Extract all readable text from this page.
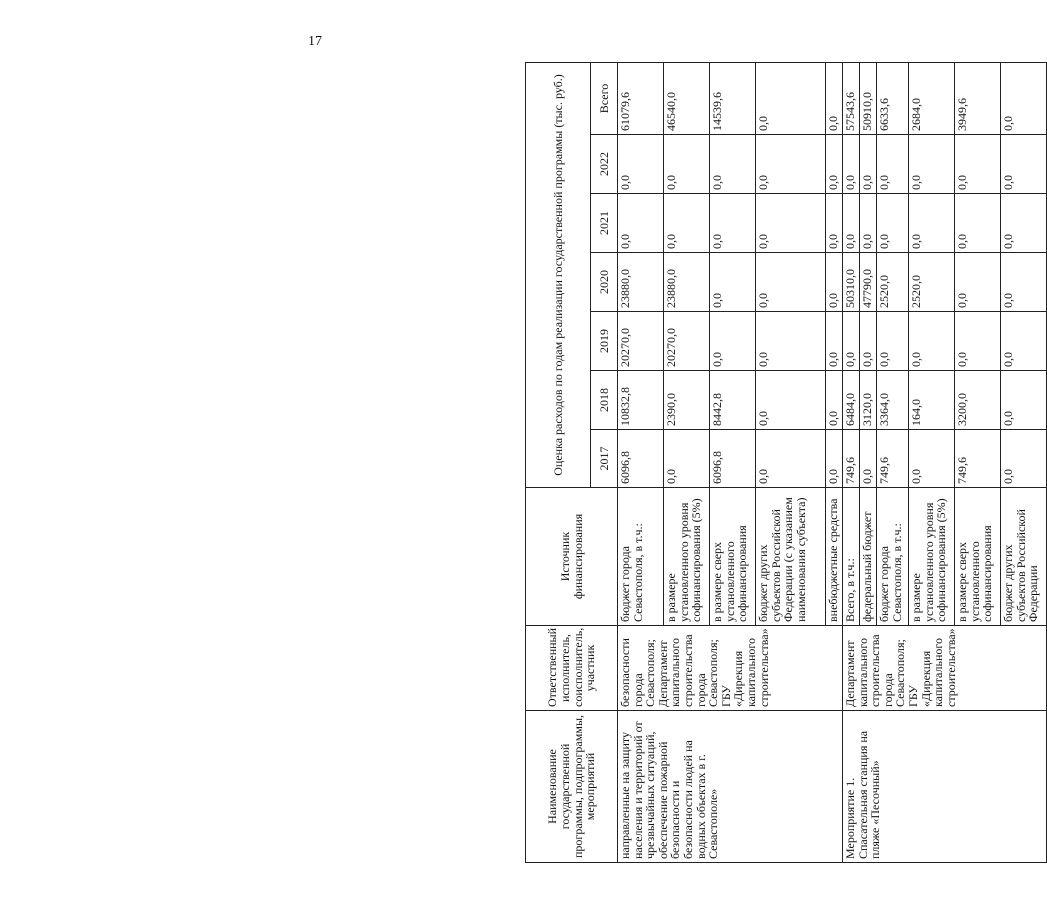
17
Наименование государственной программы, подпрограммы, мероприятий	Ответственный исполнитель, соисполнитель, участник	Источник финансирования	Оценка расходов по годам реализации государственной программы (тыс. руб.)						
			2017	2018	2019	2020	2021	2022	Всего
направленные на защиту населения и территорий от чрезвычайных ситуаций, обеспечение пожарной безопасности и безопасности людей на водных объектах в г. Севастополе»	безопасности города Севастополя; Департамент капитального строительства города Севастополя; ГБУ «Дирекция капитального строительства»	бюджет города Севастополя, в т.ч.:	6096,8	10832,8	20270,0	23880,0	0,0	0,0	61079,6
		в размере установленного уровня софинансирования (5%)	0,0	2390,0	20270,0	23880,0	0,0	0,0	46540,0
		в размере сверх установленного софинансирования	6096,8	8442,8	0,0	0,0	0,0	0,0	14539,6
		бюджет других субъектов Российской Федерации (с указанием наименования субъекта)	0,0	0,0	0,0	0,0	0,0	0,0	0,0
		внебюджетные средства	0,0	0,0	0,0	0,0	0,0	0,0	0,0
Мероприятие 1. Спасательная станция на пляже «Песочный»	Департамент капитального строительства города Севастополя; ГБУ «Дирекция капитального строительства»	Всего, в т.ч.:	749,6	6484,0	0,0	50310,0	0,0	0,0	57543,6
		федеральный бюджет	0,0	3120,0	0,0	47790,0	0,0	0,0	50910,0
		бюджет города Севастополя, в т.ч.:	749,6	3364,0	0,0	2520,0	0,0	0,0	6633,6
		в размере установленного уровня софинансирования (5%)	0,0	164,0	0,0	2520,0	0,0	0,0	2684,0
		в размере сверх установленного софинансирования	749,6	3200,0	0,0	0,0	0,0	0,0	3949,6
		бюджет других субъектов Российской Федерации	0,0	0,0	0,0	0,0	0,0	0,0	0,0
